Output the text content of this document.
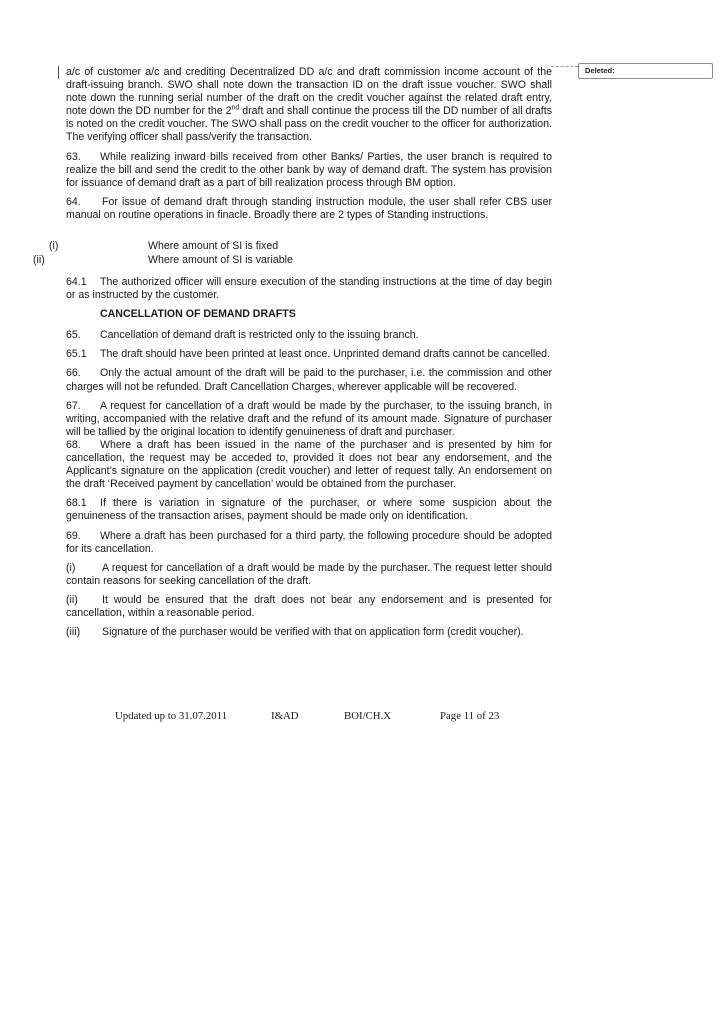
Deleted:

a/c of customer a/c and crediting Decentralized DD a/c and draft commission income account of the draft-issuing branch. SWO shall note down the transaction ID on the draft issue voucher. SWO shall note down the running serial number of the draft on the credit voucher against the related draft entry, note down the DD number for the 2nd draft and shall continue the process till the DD number of all drafts is noted on the credit voucher. The SWO shall pass on the credit voucher to the officer for authorization. The verifying officer shall pass/verify the transaction.

63. While realizing inward bills received from other Banks/ Parties, the user branch is required to realize the bill and send the credit to the other bank by way of demand draft. The system has provision for issuance of demand draft as a part of bill realization process through BM option.

64. For issue of demand draft through standing instruction module, the user shall refer CBS user manual on routine operations in finacle. Broadly there are 2 types of Standing instructions.

(i)	Where amount of SI is fixed
(ii)	Where amount of SI is variable

64.1 The authorized officer will ensure execution of the standing instructions at the time of day begin or as instructed by the customer.

CANCELLATION OF DEMAND DRAFTS

65. Cancellation of demand draft is restricted only to the issuing branch.

65.1 The draft should have been printed at least once. Unprinted demand drafts cannot be cancelled.

66. Only the actual amount of the draft will be paid to the purchaser, i.e. the commission and other charges will not be refunded. Draft Cancellation Charges, wherever applicable will be recovered.

67. A request for cancellation of a draft would be made by the purchaser, to the issuing branch, in writing, accompanied with the relative draft and the refund of its amount made. Signature of purchaser will be tallied by the original location to identify genuineness of draft and purchaser.

68. Where a draft has been issued in the name of the purchaser and is presented by him for cancellation, the request may be acceded to, provided it does not bear any endorsement, and the Applicant’s signature on the application (credit voucher) and letter of request tally. An endorsement on the draft ‘Received payment by cancellation’ would be obtained from the purchaser.

68.1 If there is variation in signature of the purchaser, or where some suspicion about the genuineness of the transaction arises, payment should be made only on identification.

69. Where a draft has been purchased for a third party, the following procedure should be adopted for its cancellation.

(i)	A request for cancellation of a draft would be made by the purchaser. The request letter should contain reasons for seeking cancellation of the draft.

(ii) It would be ensured that the draft does not bear any endorsement and is presented for cancellation, within a reasonable period.

(iii) Signature of the purchaser would be verified with that on application form (credit voucher).

Updated up to 31.07.2011	I&AD	BOI/CH.X	Page 11 of 23
